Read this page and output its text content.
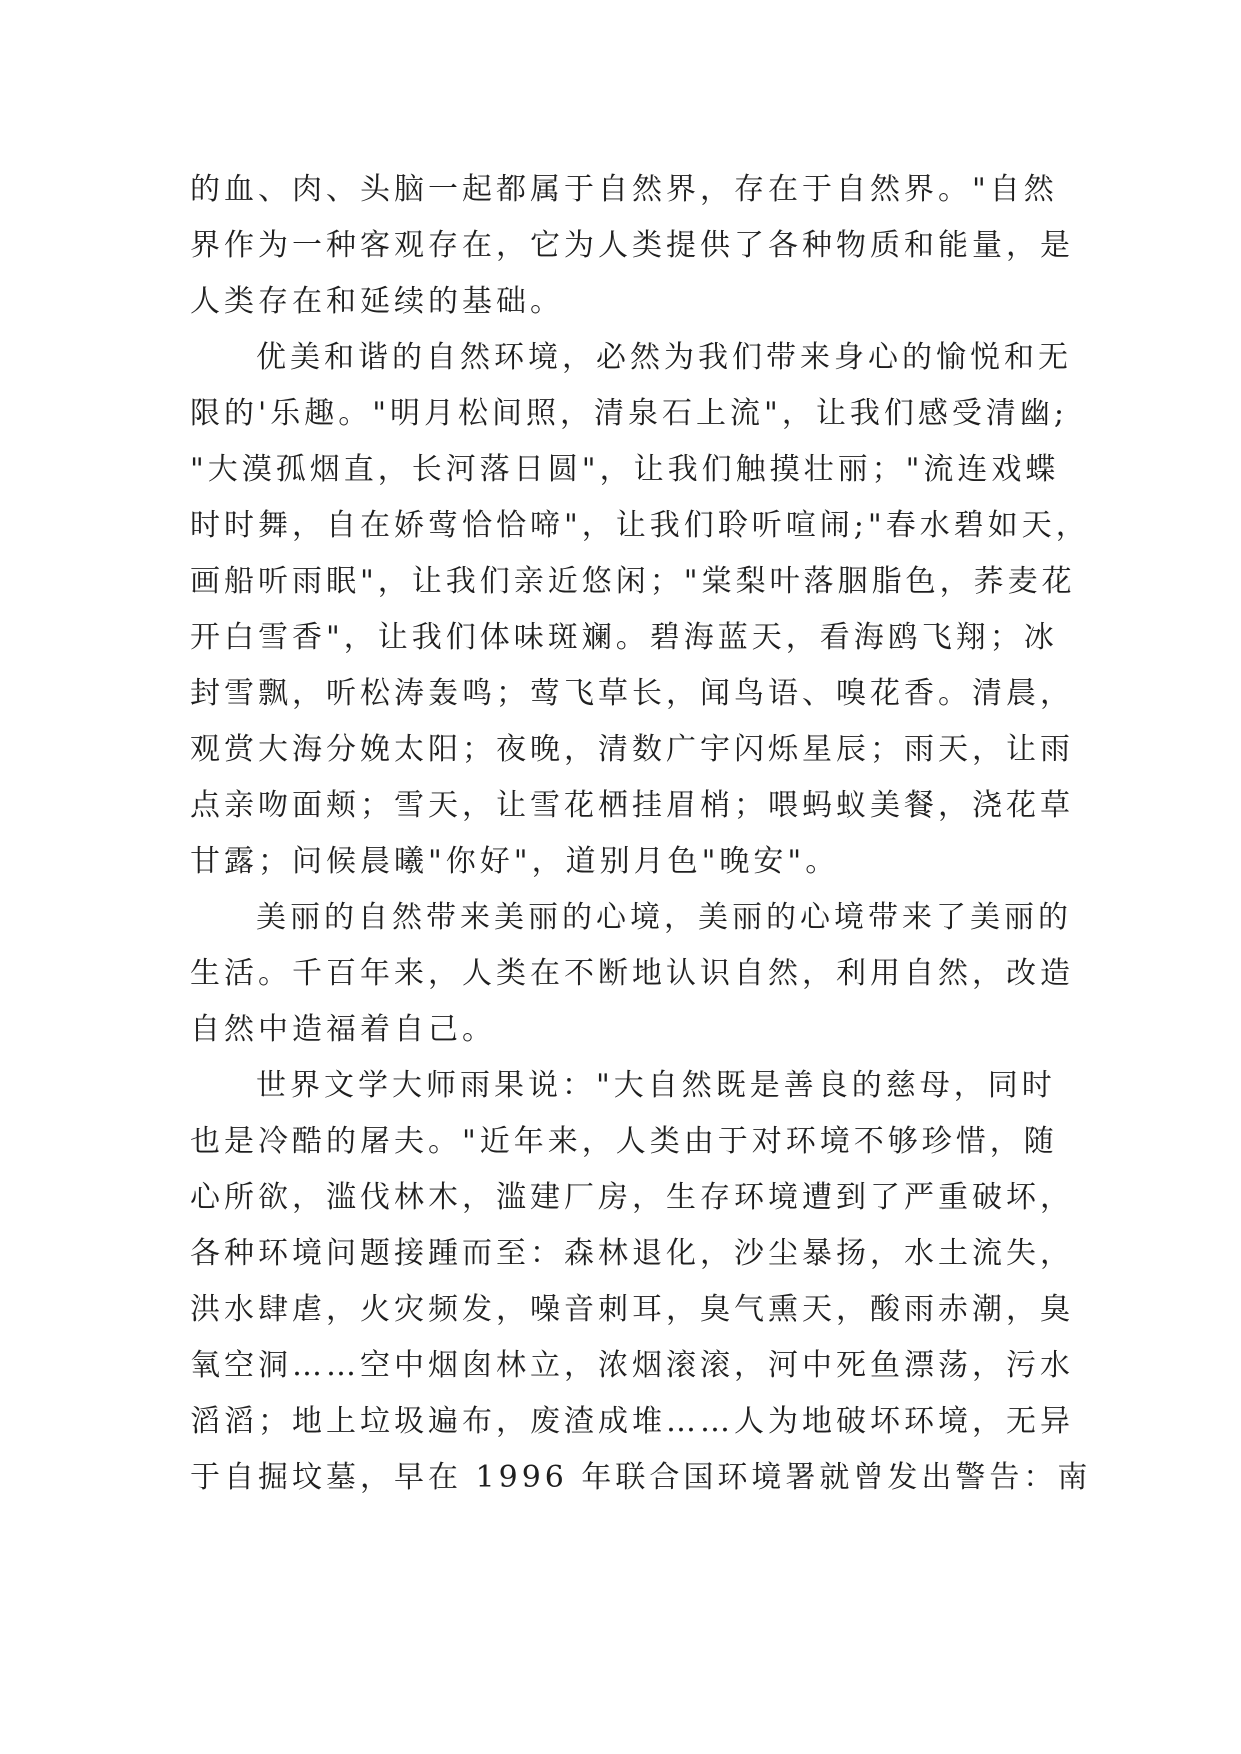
的血、肉、头脑一起都属于自然界，存在于自然界。"自然
界作为一种客观存在，它为人类提供了各种物质和能量，是
人类存在和延续的基础。
优美和谐的自然环境，必然为我们带来身心的愉悦和无
限的'乐趣。"明月松间照，清泉石上流"，让我们感受清幽;
"大漠孤烟直，长河落日圆"，让我们触摸壮丽；"流连戏蝶
时时舞，自在娇莺恰恰啼"，让我们聆听喧闹;"春水碧如天，
画船听雨眠"，让我们亲近悠闲；"棠梨叶落胭脂色，荞麦花
开白雪香"，让我们体味斑斓。碧海蓝天，看海鸥飞翔；冰
封雪飘，听松涛轰鸣；莺飞草长，闻鸟语、嗅花香。清晨，
观赏大海分娩太阳；夜晚，清数广宇闪烁星辰；雨天，让雨
点亲吻面颊；雪天，让雪花栖挂眉梢；喂蚂蚁美餐，浇花草
甘露；问候晨曦"你好"，道别月色"晚安"。
美丽的自然带来美丽的心境，美丽的心境带来了美丽的
生活。千百年来，人类在不断地认识自然，利用自然，改造
自然中造福着自己。
世界文学大师雨果说："大自然既是善良的慈母，同时
也是冷酷的屠夫。"近年来，人类由于对环境不够珍惜，随
心所欲，滥伐林木，滥建厂房，生存环境遭到了严重破坏，
各种环境问题接踵而至：森林退化，沙尘暴扬，水土流失，
洪水肆虐，火灾频发，噪音刺耳，臭气熏天，酸雨赤潮，臭
氧空洞……空中烟囱林立，浓烟滚滚，河中死鱼漂荡，污水
滔滔；地上垃圾遍布，废渣成堆……人为地破坏环境，无异
于自掘坟墓，早在 1996 年联合国环境署就曾发出警告：南
